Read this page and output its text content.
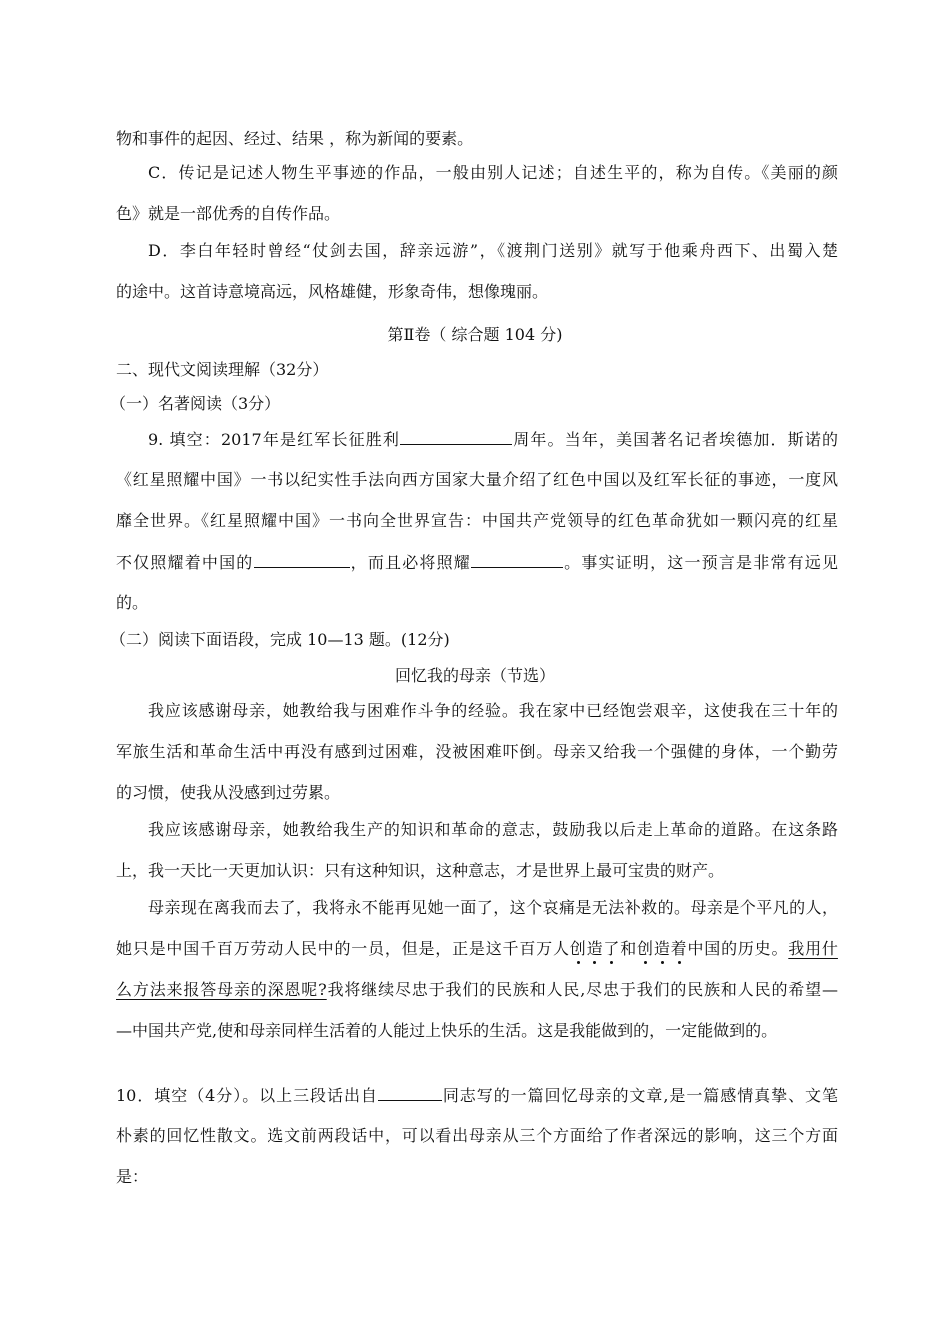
物和事件的起因、经过、结果 ，称为新闻的要素。
C．传记是记述人物生平事迹的作品，一般由别人记述；自述生平的，称为自传。《美丽的颜
色》就是一部优秀的自传作品。
D．李白年轻时曾经“仗剑去国，辞亲远游”，《渡荆门送别》就写于他乘舟西下、出蜀入楚
的途中。这首诗意境高远，风格雄健，形象奇伟，想像瑰丽。
第Ⅱ卷（ 综合题 104 分)
二、现代文阅读理解（32分）
（一）名著阅读（3分）
9. 填空：2017年是红军长征胜利	周年。当年，美国著名记者埃德加．斯诺的
《红星照耀中国》一书以纪实性手法向西方国家大量介绍了红色中国以及红军长征的事迹，一度风
靡全世界。《红星照耀中国》一书向全世界宣告：中国共产党领导的红色革命犹如一颗闪亮的红星
不仅照耀着中国的	，而且必将照耀	。事实证明，这一预言是非常有远见
的。
（二）阅读下面语段，完成 10—13 题。(12分)
回忆我的母亲（节选）
我应该感谢母亲，她教给我与困难作斗争的经验。我在家中已经饱尝艰辛，这使我在三十年的
军旅生活和革命生活中再没有感到过困难，没被困难吓倒。母亲又给我一个强健的身体，一个勤劳
的习惯，使我从没感到过劳累。
我应该感谢母亲，她教给我生产的知识和革命的意志，鼓励我以后走上革命的道路。在这条路
上，我一天比一天更加认识：只有这种知识，这种意志，才是世界上最可宝贵的财产。
母亲现在离我而去了，我将永不能再见她一面了，这个哀痛是无法补救的。母亲是个平凡的人，
她只是中国千百万劳动人民中的一员，但是，正是这千百万人创造了和创造着中国的历史。我用什
么方法来报答母亲的深恩呢?我将继续尽忠于我们的民族和人民,尽忠于我们的民族和人民的希望—
—中国共产党,使和母亲同样生活着的人能过上快乐的生活。这是我能做到的，一定能做到的。
10．填空（4分）。以上三段话出自	同志写的一篇回忆母亲的文章,是一篇感情真挚、文笔
朴素的回忆性散文。选文前两段话中，可以看出母亲从三个方面给了作者深远的影响，这三个方面
是：
